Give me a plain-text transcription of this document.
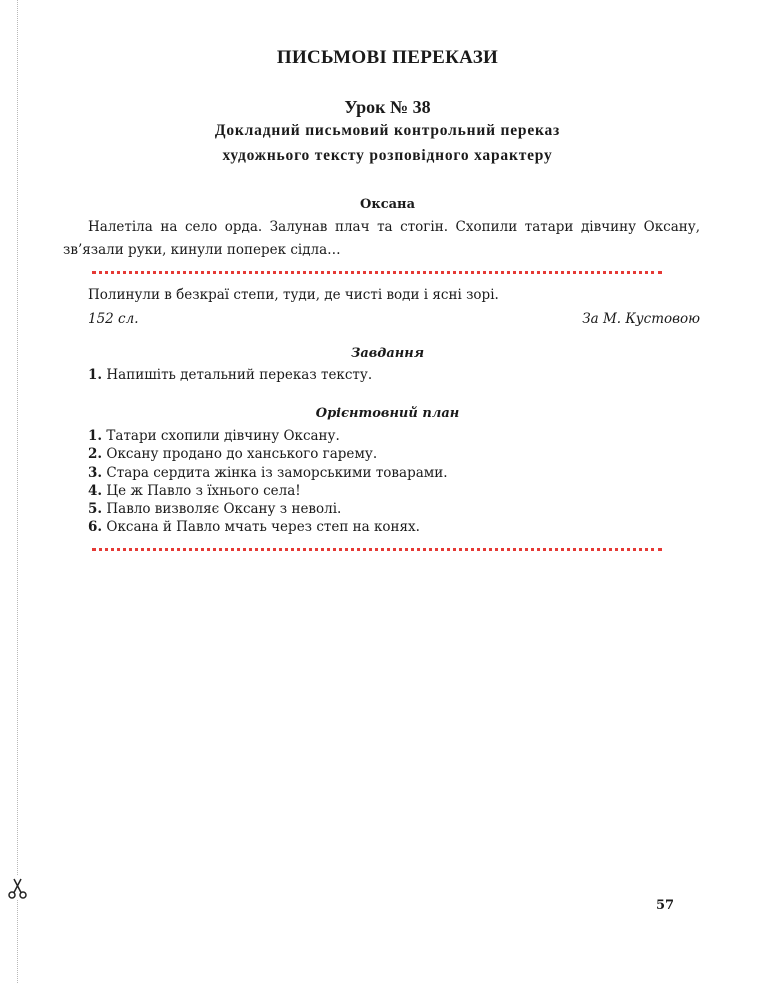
ПИСЬМОВІ ПЕРЕКАЗИ
Урок № 38
Докладний письмовий контрольний переказ
художнього тексту розповідного характеру
Оксана
Налетіла на село орда. Залунав плач та стогін. Схопили татари дівчину Оксану, зв’язали руки, кинули поперек сідла…
Полинули в безкраї степи, туди, де чисті води і ясні зорі.
152 сл.	За М. Кустовою
Завдання
1. Напишіть детальний переказ тексту.
Орієнтовний план
1. Татари схопили дівчину Оксану.
2. Оксану продано до ханського гарему.
3. Стара сердита жінка із заморськими товарами.
4. Це ж Павло з їхнього села!
5. Павло визволяє Оксану з неволі.
6. Оксана й Павло мчать через степ на конях.
57
